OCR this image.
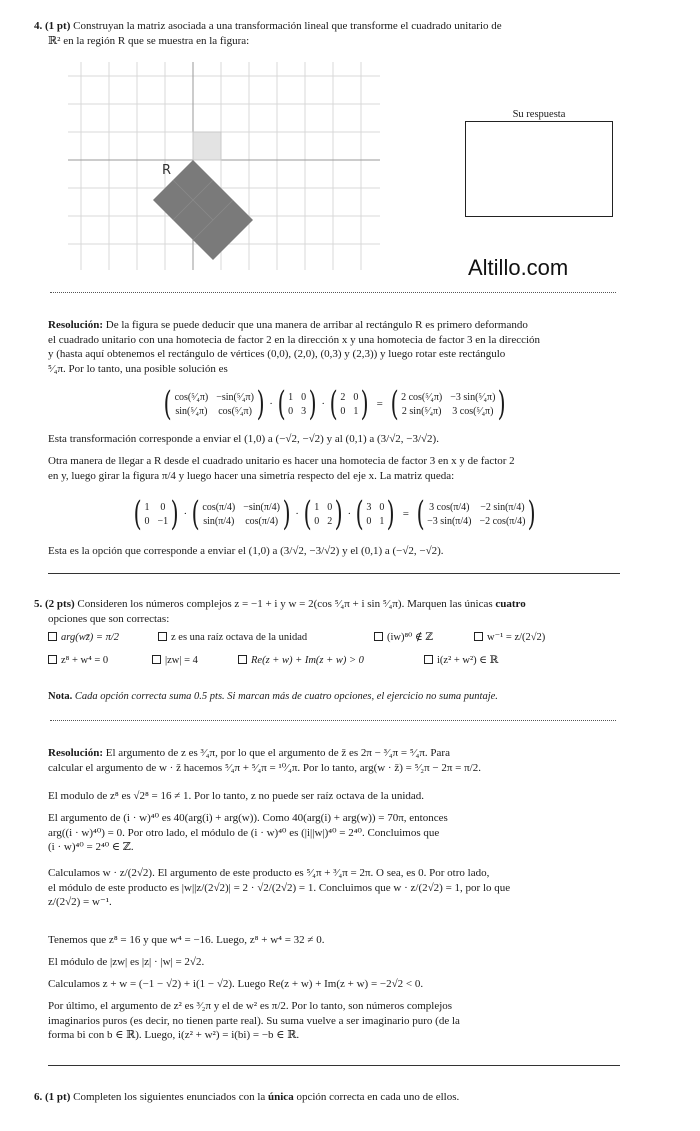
4. (1 pt) Construyan la matriz asociada a una transformación lineal que transforme el cuadrado unitario de
ℝ² en la región R que se muestra en la figura:
R
Su respuesta
Altillo.com
Resolución: De la figura se puede deducir que una manera de arribar al rectángulo R es primero deformando
el cuadrado unitario con una homotecia de factor 2 en la dirección x y una homotecia de factor 3 en la dirección
y (hasta aquí obtenemos el rectángulo de vértices (0,0), (2,0), (0,3) y (2,3)) y luego rotar este rectángulo
⁵⁄₄π. Por lo tanto, una posible solución es
( cos(⁵⁄₄π) −sin(⁵⁄₄π)
sin(⁵⁄₄π) cos(⁵⁄₄π) ) · ( 1 0
0 3 ) · ( 2 0
0 1 ) = ( 2 cos(⁵⁄₄π) −3 sin(⁵⁄₄π)
2 sin(⁵⁄₄π) 3 cos(⁵⁄₄π) )
Esta transformación corresponde a enviar el (1,0) a (−√2, −√2) y al (0,1) a (3/√2, −3/√2).
Otra manera de llegar a R desde el cuadrado unitario es hacer una homotecia de factor 3 en x y de factor 2
en y, luego girar la figura π/4 y luego hacer una simetría respecto del eje x. La matriz queda:
( 1 0
0 −1 ) · ( cos(π/4) −sin(π/4)
sin(π/4) cos(π/4) ) · ( 1 0
0 2 ) · ( 3 0
0 1 ) = ( 3 cos(π/4) −2 sin(π/4)
−3 sin(π/4) −2 cos(π/4) )
Esta es la opción que corresponde a enviar el (1,0) a (3/√2, −3/√2) y el (0,1) a (−√2, −√2).
5. (2 pts) Consideren los números complejos z = −1 + i y w = 2(cos ⁵⁄₄π + i sin ⁵⁄₄π). Marquen las únicas cuatro
opciones que son correctas:
arg(wz̄) = π/2	z es una raíz octava de la unidad	(iw)⁸⁰ ∉ ℤ	w⁻¹ = z/(2√2)
z⁸ + w⁴ = 0	|zw| = 4	Re(z + w) + Im(z + w) > 0	i(z² + w²) ∈ ℝ
Nota. Cada opción correcta suma 0.5 pts. Si marcan más de cuatro opciones, el ejercicio no suma puntaje.
Resolución: El argumento de z es ³⁄₄π, por lo que el argumento de z̄ es 2π − ³⁄₄π = ⁵⁄₄π. Para
calcular el argumento de w · z̄ hacemos ⁵⁄₄π + ⁵⁄₄π = ¹⁰⁄₄π. Por lo tanto, arg(w · z̄) = ⁵⁄₂π − 2π = π/2.
El modulo de z⁸ es √2⁸ = 16 ≠ 1. Por lo tanto, z no puede ser raíz octava de la unidad.
El argumento de (i · w)⁴⁰ es 40(arg(i) + arg(w)). Como 40(arg(i) + arg(w)) = 70π, entonces
arg((i · w)⁴⁰) = 0. Por otro lado, el módulo de (i · w)⁴⁰ es (|i||w|)⁴⁰ = 2⁴⁰. Concluimos que
(i · w)⁴⁰ = 2⁴⁰ ∈ ℤ.
Calculamos w · z/(2√2). El argumento de este producto es ⁵⁄₄π + ³⁄₄π = 2π. O sea, es 0. Por otro lado,
el módulo de este producto es |w||z/(2√2)| = 2 · √2/(2√2) = 1. Concluimos que w · z/(2√2) = 1, por lo que
z/(2√2) = w⁻¹.
Tenemos que z⁸ = 16 y que w⁴ = −16. Luego, z⁸ + w⁴ = 32 ≠ 0.
El módulo de |zw| es |z| · |w| = 2√2.
Calculamos z + w = (−1 − √2) + i(1 − √2). Luego Re(z + w) + Im(z + w) = −2√2 < 0.
Por último, el argumento de z² es ³⁄₂π y el de w² es π/2. Por lo tanto, son números complejos
imaginarios puros (es decir, no tienen parte real). Su suma vuelve a ser imaginario puro (de la
forma bi con b ∈ ℝ). Luego, i(z² + w²) = i(bi) = −b ∈ ℝ.
6. (1 pt) Completen los siguientes enunciados con la única opción correcta en cada uno de ellos.
